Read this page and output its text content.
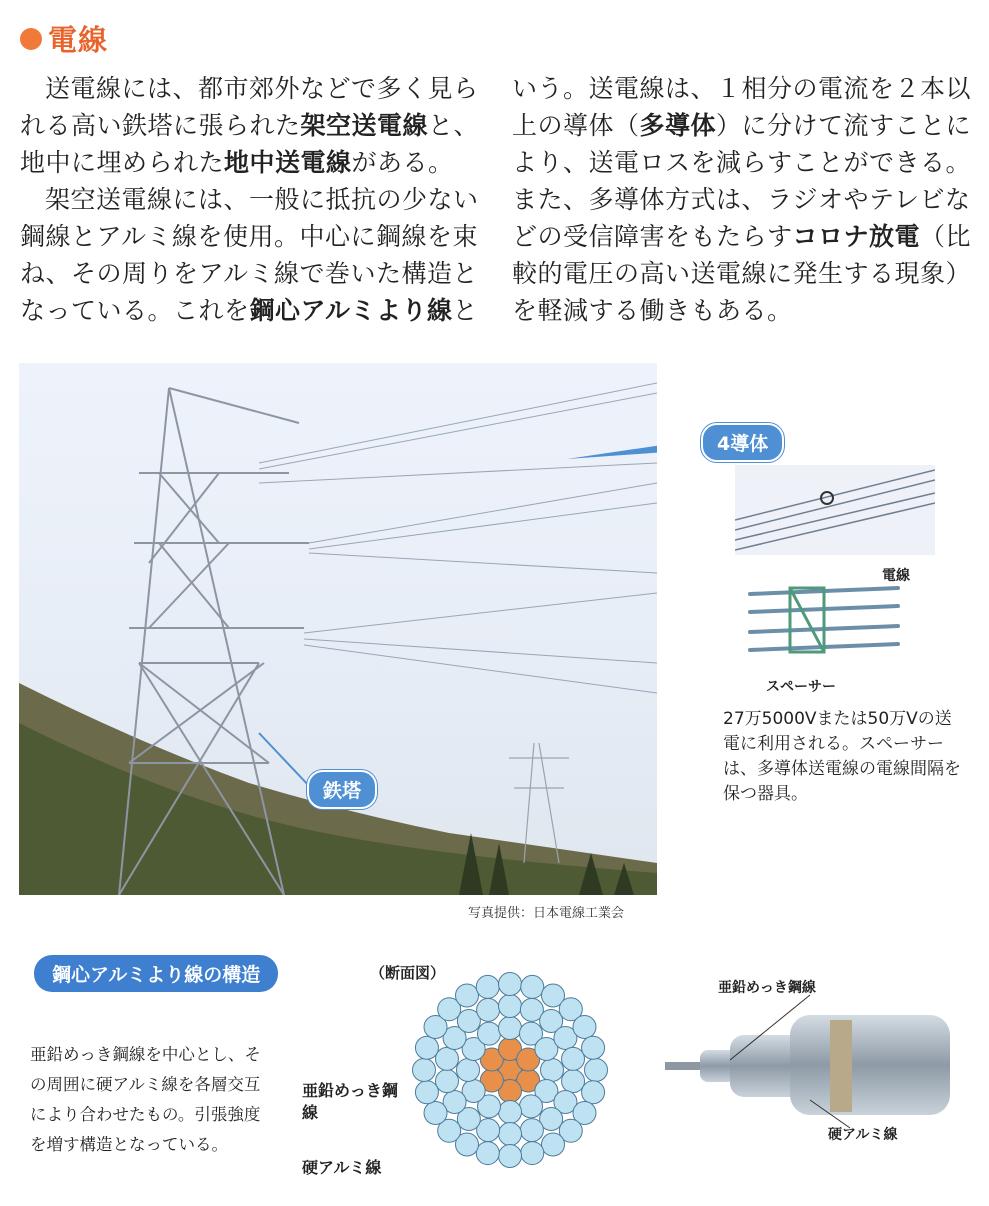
電線

送電線には、都市郊外などで多く見られる高い鉄塔に張られた架空送電線と、地中に埋められた地中送電線がある。

架空送電線には、一般に抵抗の少ない鋼線とアルミ線を使用。中心に鋼線を束ね、その周りをアルミ線で巻いた構造となっている。これを鋼心アルミより線と

いう。送電線は、１相分の電流を２本以上の導体（多導体）に分けて流すことにより、送電ロスを減らすことができる。また、多導体方式は、ラジオやテレビなどの受信障害をもたらすコロナ放電（比較的電圧の高い送電線に発生する現象）を軽減する働きもある。

4導体
鉄塔
写真提供：日本電線工業会
電線
スペーサー
27万5000Vまたは50万Vの送電に利用される。スペーサーは、多導体送電線の電線間隔を保つ器具。
鋼心アルミより線の構造
亜鉛めっき鋼線を中心とし、その周囲に硬アルミ線を各層交互により合わせたもの。引張強度を増す構造となっている。
（断面図）
亜鉛めっき鋼線
硬アルミ線
亜鉛めっき鋼線
硬アルミ線
